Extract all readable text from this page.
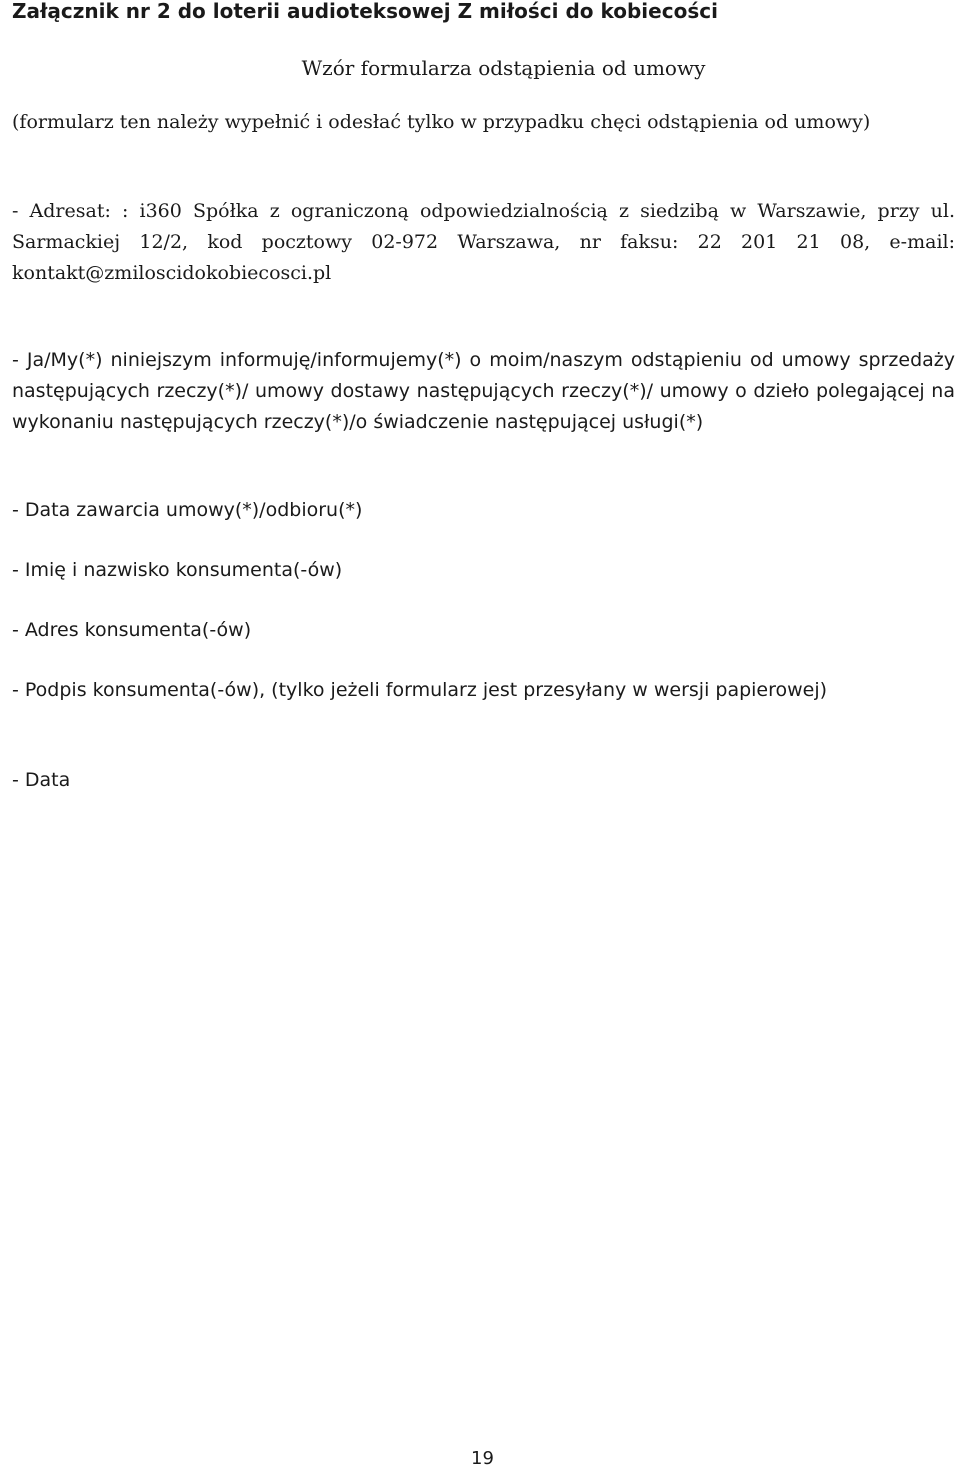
Załącznik nr 2 do loterii audioteksowej Z miłości do kobiecości
Wzór formularza odstąpienia od umowy
(formularz ten należy wypełnić i odesłać tylko w przypadku chęci odstąpienia od umowy)
- Adresat: : i360 Spółka z ograniczoną odpowiedzialnością z siedzibą w Warszawie, przy ul. Sarmackiej 12/2, kod pocztowy 02-972 Warszawa, nr faksu: 22 201 21 08, e-mail: kontakt@zmiloscidokobiecosci.pl
- Ja/My(*) niniejszym informuję/informujemy(*) o moim/naszym odstąpieniu od umowy sprzedaży następujących rzeczy(*)/ umowy dostawy następujących rzeczy(*)/ umowy o dzieło polegającej na wykonaniu następujących rzeczy(*)/o świadczenie następującej usługi(*)
- Data zawarcia umowy(*)/odbioru(*)
- Imię i nazwisko konsumenta(-ów)
- Adres konsumenta(-ów)
- Podpis konsumenta(-ów), (tylko jeżeli formularz jest przesyłany w wersji papierowej)
- Data
19
